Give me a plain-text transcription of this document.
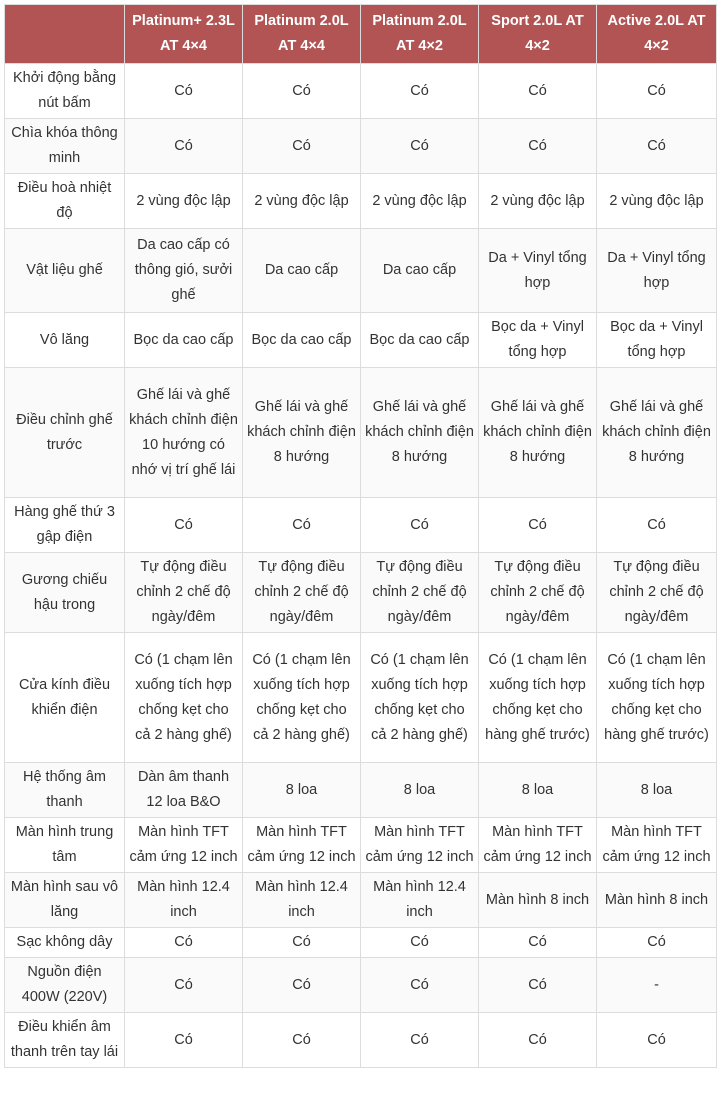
	Platinum+ 2.3L AT 4×4	Platinum 2.0L AT 4×4	Platinum 2.0L AT 4×2	Sport 2.0L AT 4×2	Active 2.0L AT 4×2
Khởi động bằng nút bấm	Có	Có	Có	Có	Có
Chìa khóa thông minh	Có	Có	Có	Có	Có
Điều hoà nhiệt độ	2 vùng độc lập	2 vùng độc lập	2 vùng độc lập	2 vùng độc lập	2 vùng độc lập
Vật liệu ghế	Da cao cấp có thông gió, sưởi ghế	Da cao cấp	Da cao cấp	Da + Vinyl tổng hợp	Da + Vinyl tổng hợp
Vô lăng	Bọc da cao cấp	Bọc da cao cấp	Bọc da cao cấp	Bọc da + Vinyl tổng hợp	Bọc da + Vinyl tổng hợp
Điều chỉnh ghế trước	Ghế lái và ghế khách chỉnh điện 10 hướng có nhớ vị trí ghế lái	Ghế lái và ghế khách chỉnh điện 8 hướng	Ghế lái và ghế khách chỉnh điện 8 hướng	Ghế lái và ghế khách chỉnh điện 8 hướng	Ghế lái và ghế khách chỉnh điện 8 hướng
Hàng ghế thứ 3 gập điện	Có	Có	Có	Có	Có
Gương chiếu hậu trong	Tự động điều chỉnh 2 chế độ ngày/đêm	Tự động điều chỉnh 2 chế độ ngày/đêm	Tự động điều chỉnh 2 chế độ ngày/đêm	Tự động điều chỉnh 2 chế độ ngày/đêm	Tự động điều chỉnh 2 chế độ ngày/đêm
Cửa kính điều khiển điện	Có (1 chạm lên xuống tích hợp chống kẹt cho cả 2 hàng ghế)	Có (1 chạm lên xuống tích hợp chống kẹt cho cả 2 hàng ghế)	Có (1 chạm lên xuống tích hợp chống kẹt cho cả 2 hàng ghế)	Có (1 chạm lên xuống tích hợp chống kẹt cho hàng ghế trước)	Có (1 chạm lên xuống tích hợp chống kẹt cho hàng ghế trước)
Hệ thống âm thanh	Dàn âm thanh 12 loa B&O	8 loa	8 loa	8 loa	8 loa
Màn hình trung tâm	Màn hình TFT cảm ứng 12 inch	Màn hình TFT cảm ứng 12 inch	Màn hình TFT cảm ứng 12 inch	Màn hình TFT cảm ứng 12 inch	Màn hình TFT cảm ứng 12 inch
Màn hình sau vô lăng	Màn hình 12.4 inch	Màn hình 12.4 inch	Màn hình 12.4 inch	Màn hình 8 inch	Màn hình 8 inch
Sạc không dây	Có	Có	Có	Có	Có
Nguồn điện 400W (220V)	Có	Có	Có	Có	-
Điều khiển âm thanh trên tay lái	Có	Có	Có	Có	Có
